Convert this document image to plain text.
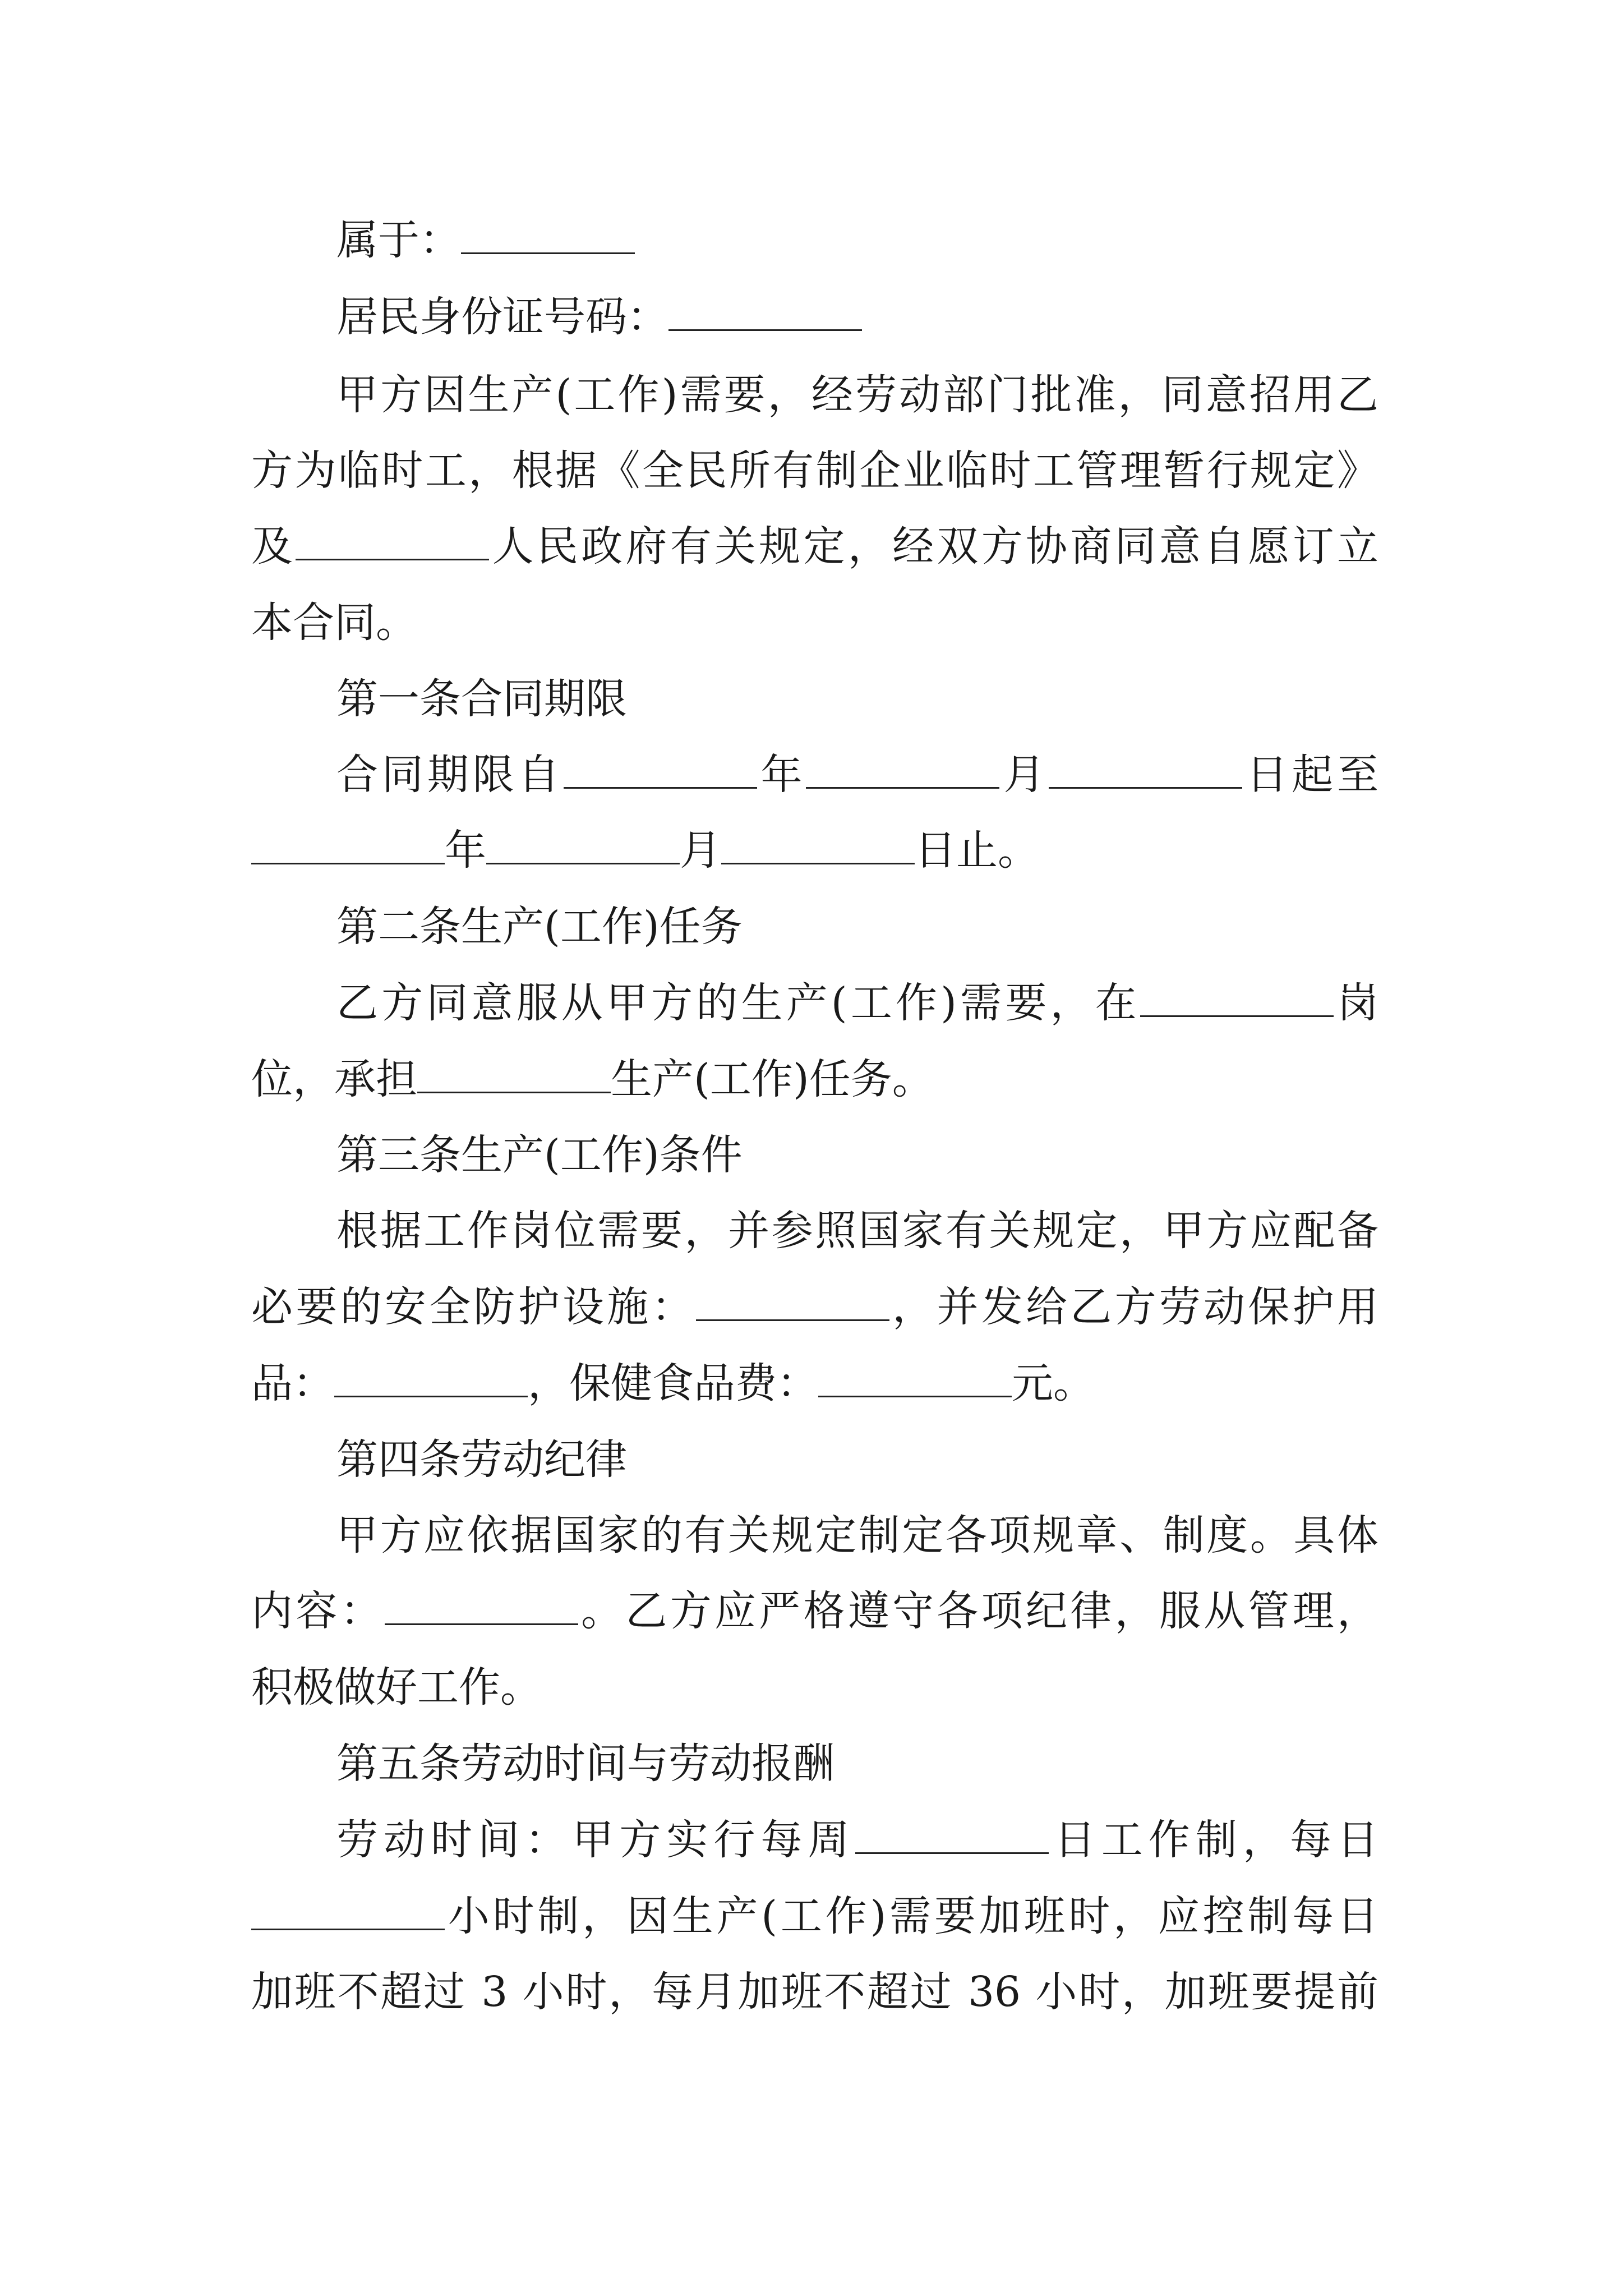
属于：
居民身份证号码：
甲方因生产(工作)需要，经劳动部门批准，同意招用乙
方为临时工，根据《全民所有制企业临时工管理暂行规定》
及	人民政府有关规定，经双方协商同意自愿订立
本合同。
第一条合同期限
合同期限自	年	月	日起至
年	月	日止。
第二条生产(工作)任务
乙方同意服从甲方的生产(工作)需要，在	岗
位，承担	生产(工作)任务。
第三条生产(工作)条件
根据工作岗位需要，并参照国家有关规定，甲方应配备
必要的安全防护设施：	，并发给乙方劳动保护用
品：	，保健食品费：	元。
第四条劳动纪律
甲方应依据国家的有关规定制定各项规章、制度。具体
内容：	。乙方应严格遵守各项纪律，服从管理，
积极做好工作。
第五条劳动时间与劳动报酬
劳动时间：甲方实行每周	日工作制，每日
小时制，因生产(工作)需要加班时，应控制每日
加班不超过 3 小时，每月加班不超过 36 小时，加班要提前
